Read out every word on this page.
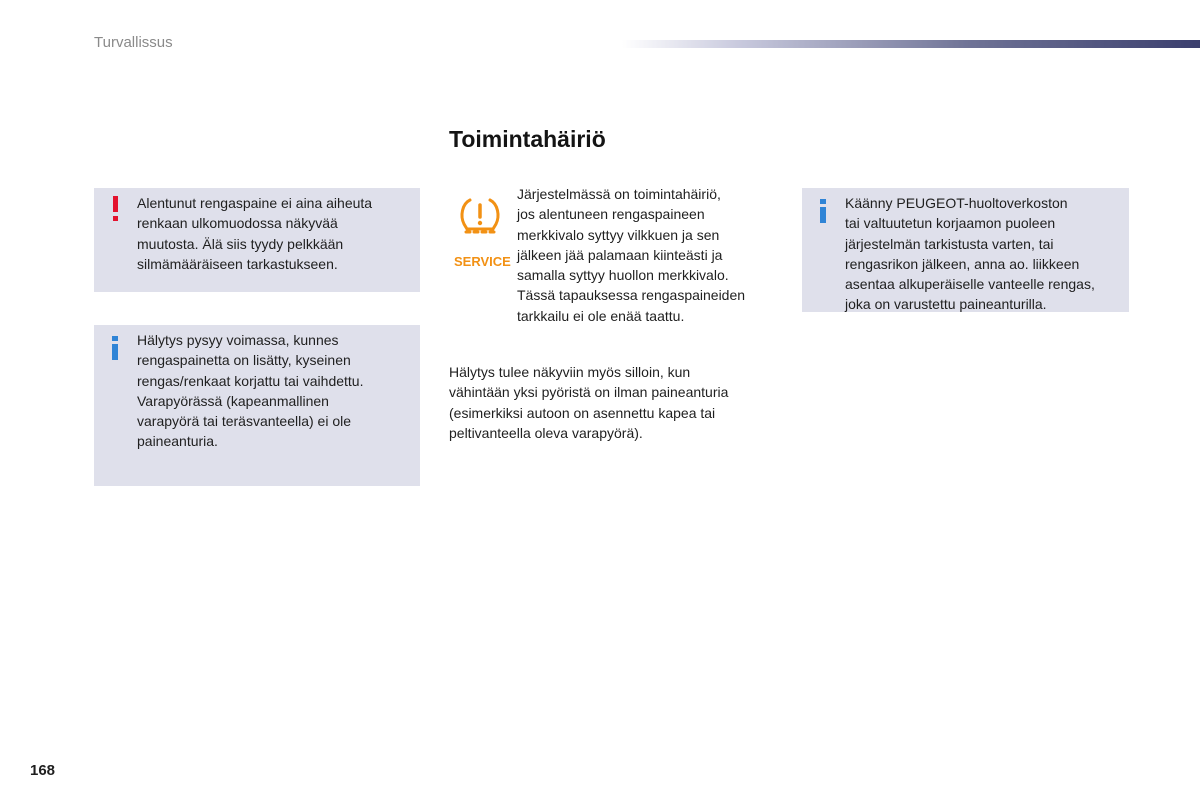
Turvallissus
Toimintahäiriö
Alentunut rengaspaine ei aina aiheuta
renkaan ulkomuodossa näkyvää
muutosta. Älä siis tyydy pelkkään
silmämääräiseen tarkastukseen.
Hälytys pysyy voimassa, kunnes
rengaspainetta on lisätty, kyseinen
rengas/renkaat korjattu tai vaihdettu.
Varapyörässä (kapeanmallinen
varapyörä tai teräsvanteella) ei ole
paineanturia.
SERVICE
Järjestelmässä on toimintahäiriö,
jos alentuneen rengaspaineen
merkkivalo syttyy vilkkuen ja sen
jälkeen jää palamaan kiinteästi ja
samalla syttyy huollon merkkivalo.
Tässä tapauksessa rengaspaineiden
tarkkailu ei ole enää taattu.
Hälytys tulee näkyviin myös silloin, kun
vähintään yksi pyöristä on ilman paineanturia
(esimerkiksi autoon on asennettu kapea tai
peltivanteella oleva varapyörä).
Käänny PEUGEOT-huoltoverkoston
tai valtuutetun korjaamon puoleen
järjestelmän tarkistusta varten, tai
rengasrikon jälkeen, anna ao. liikkeen
asentaa alkuperäiselle vanteelle rengas,
joka on varustettu paineanturilla.
168
